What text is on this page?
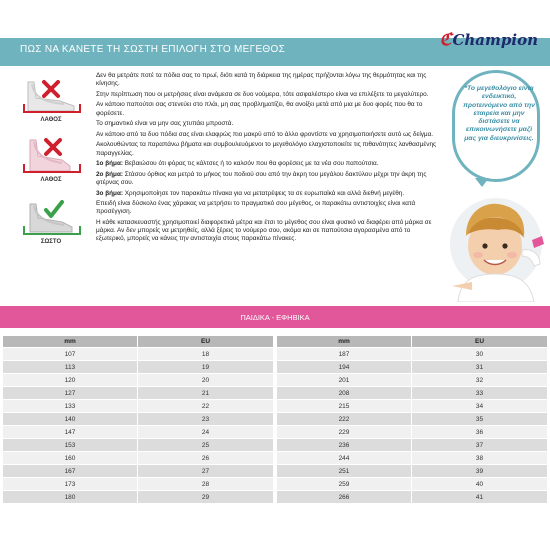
ΠΩΣ ΝΑ ΚΑΝΕΤΕ ΤΗ ΣΩΣΤΗ ΕΠΙΛΟΓΗ ΣΤΟ ΜΕΓΕΘΟΣ	ℭChampion
ΛΑΘΟΣ
ΛΑΘΟΣ
ΣΩΣΤΟ

Δεν θα μετράτε ποτέ τα πόδια σας το πρωί, διότι κατά τη διάρκεια της ημέρας πρήζονται λόγω της θερμότητας και της κίνησης.

Στην περίπτωση που οι μετρήσεις είναι ανάμεσα σε δυο νούμερα, τότε ασφαλέστερο είναι να επιλέξετε το μεγαλύτερο.

Αν κάποιο παπούτσι σας στενεύει στο πλάι, μη σας προβληματίζει, θα ανοίξει μετά από μια με δυο φορές που θα το φορέσετε.

Το σημαντικό είναι να μην σας χτυπάει μπροστά.

Αν κάποιο από τα δυο πόδια σας είναι ελαφρώς πιο μακρύ από το άλλο φροντίστε να χρησιμοποιήσετε αυτό ως δείγμα.

Ακολουθώντας τα παραπάνω βήματα και συμβουλευόμενοι το μεγεθολόγιο ελαχιστοποιείτε τις πιθανότητες λανθασμένης παραγγελίας.

1ο βήμα: Βεβαιώσου ότι φόρας τις κάλτσες ή το καλσόν που θα φορέσεις με τα νέα σου παπούτσια.

2ο βήμα: Στάσου όρθιος και μετρά το μήκος του ποδιού σου από την άκρη του μεγάλου δακτύλου μέχρι την άκρη της φτέρνας σου.

3ο βήμα: Χρησιμοποίησε τον παρακάτω πίνακα για να μετατρέψεις τα σε ευρωπαϊκά και αλλά διεθνή μεγέθη.

Επειδή είναι δύσκολο ένας χάρακας να μετρήσει το πραγματικό σου μέγεθος, οι παρακάτω αντιστοιχίες είναι κατά προσέγγιση.

Η κάθε κατασκευαστής χρησιμοποιεί διαφορετικά μέτρα και έτσι το μέγεθος σου είναι φυσικό να διαφέρει από μάρκα σε μάρκα. Αν δεν μπορείς να μετρηθείς, αλλά ξέρεις το νούμερο σου, ακόμα και σε παπούτσια αγορασμένα από το εξωτερικό, μπορείς να κάνεις την αντιστοιχία στους παρακάτω πίνακες.

*Το μεγεθολόγιο είναι ενδεικτικό, προτεινόμενο από την εταιρεία και μην διστάσετε να επικοινωνήσετε μαζί μας για διευκρινίσεις.
ΠΑΙΔΙΚΑ - ΕΦΗΒΙΚΑ
mm	EU
107	18
113	19
120	20
127	21
133	22
140	23
147	24
153	25
160	26
167	27
173	28
180	29
mm	EU
187	30
194	31
201	32
208	33
215	34
222	35
229	36
236	37
244	38
251	39
259	40
266	41
